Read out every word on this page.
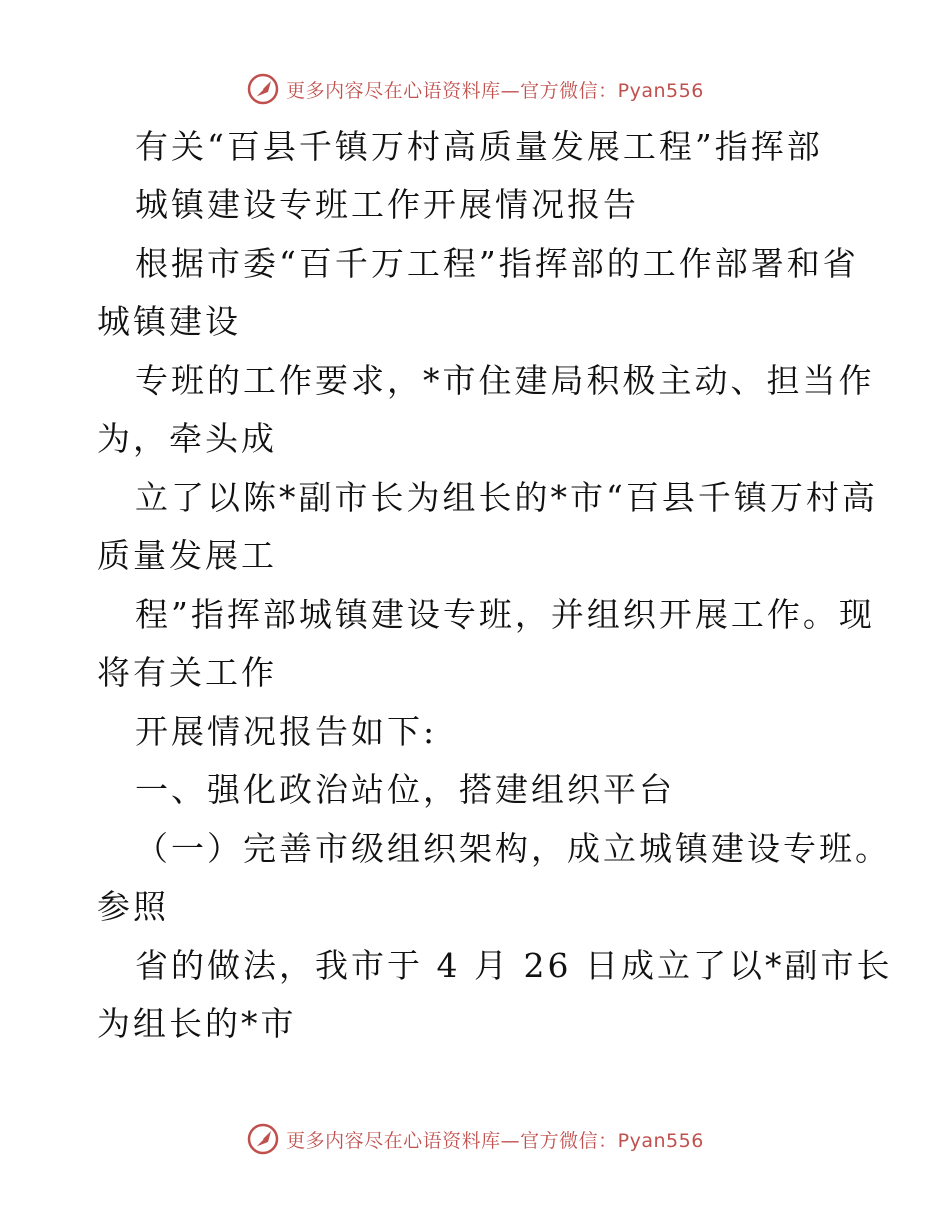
更多内容尽在心语资料库—官方微信：Pyan556
有关“百县千镇万村高质量发展工程”指挥部
城镇建设专班工作开展情况报告
根据市委“百千万工程”指挥部的工作部署和省
城镇建设
专班的工作要求，*市住建局积极主动、担当作
为，牵头成
立了以陈*副市长为组长的*市“百县千镇万村高
质量发展工
程”指挥部城镇建设专班，并组织开展工作。现
将有关工作
开展情况报告如下:
一、强化政治站位，搭建组织平台
（一）完善市级组织架构，成立城镇建设专班。
参照
省的做法，我市于 4 月 26 日成立了以*副市长
为组长的*市
更多内容尽在心语资料库—官方微信：Pyan556
